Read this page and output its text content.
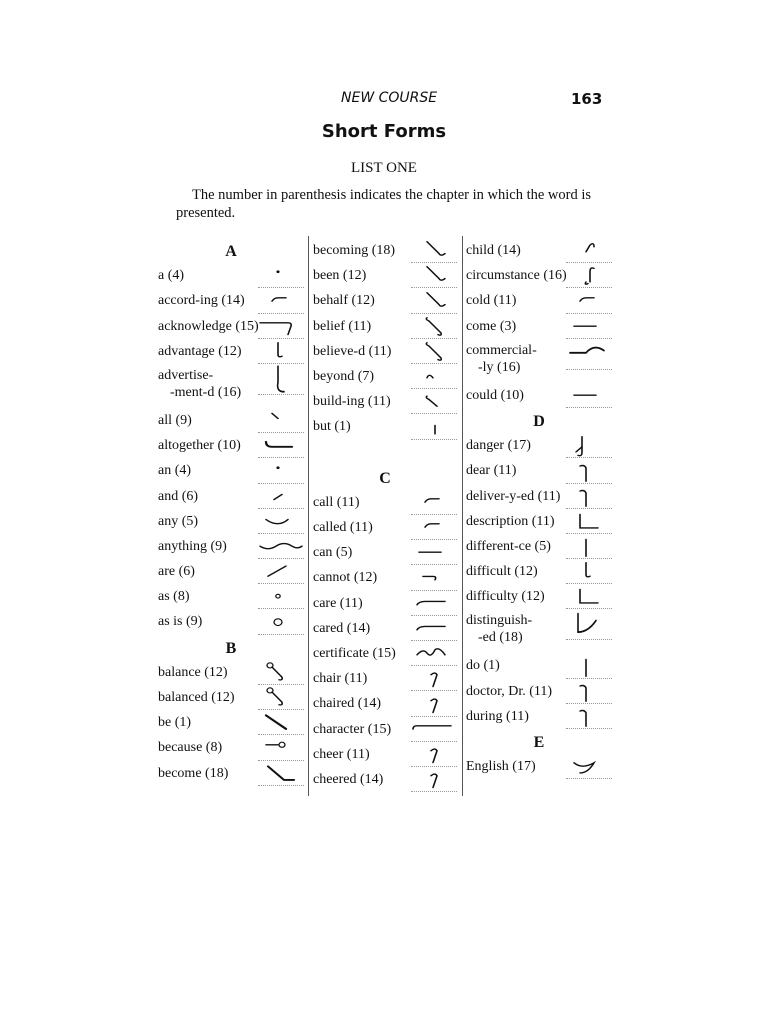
NEW COURSE	163
Short Forms
LIST ONE
The number in parenthesis indicates the chapter in which the word is presented.
A
a (4)
accord-ing (14)
acknowledge (15)
advantage (12)
advertise-
-ment-d (16)
all (9)
altogether (10)
an (4)
and (6)
any (5)
anything (9)
are (6)
as (8)
as is (9)
B
balance (12)
balanced (12)
be (1)
because (8)
become (18)
becoming (18)
been (12)
behalf (12)
belief (11)
believe-d (11)
beyond (7)
build-ing (11)
but (1)
C
call (11)
called (11)
can (5)
cannot (12)
care (11)
cared (14)
certificate (15)
chair (11)
chaired (14)
character (15)
cheer (11)
cheered (14)
child (14)
circumstance (16)
cold (11)
come (3)
commercial-
-ly (16)
could (10)
D
danger (17)
dear (11)
deliver-y-ed (11)
description (11)
different-ce (5)
difficult (12)
difficulty (12)
distinguish-
-ed (18)
do (1)
doctor, Dr. (11)
during (11)
E
English (17)
